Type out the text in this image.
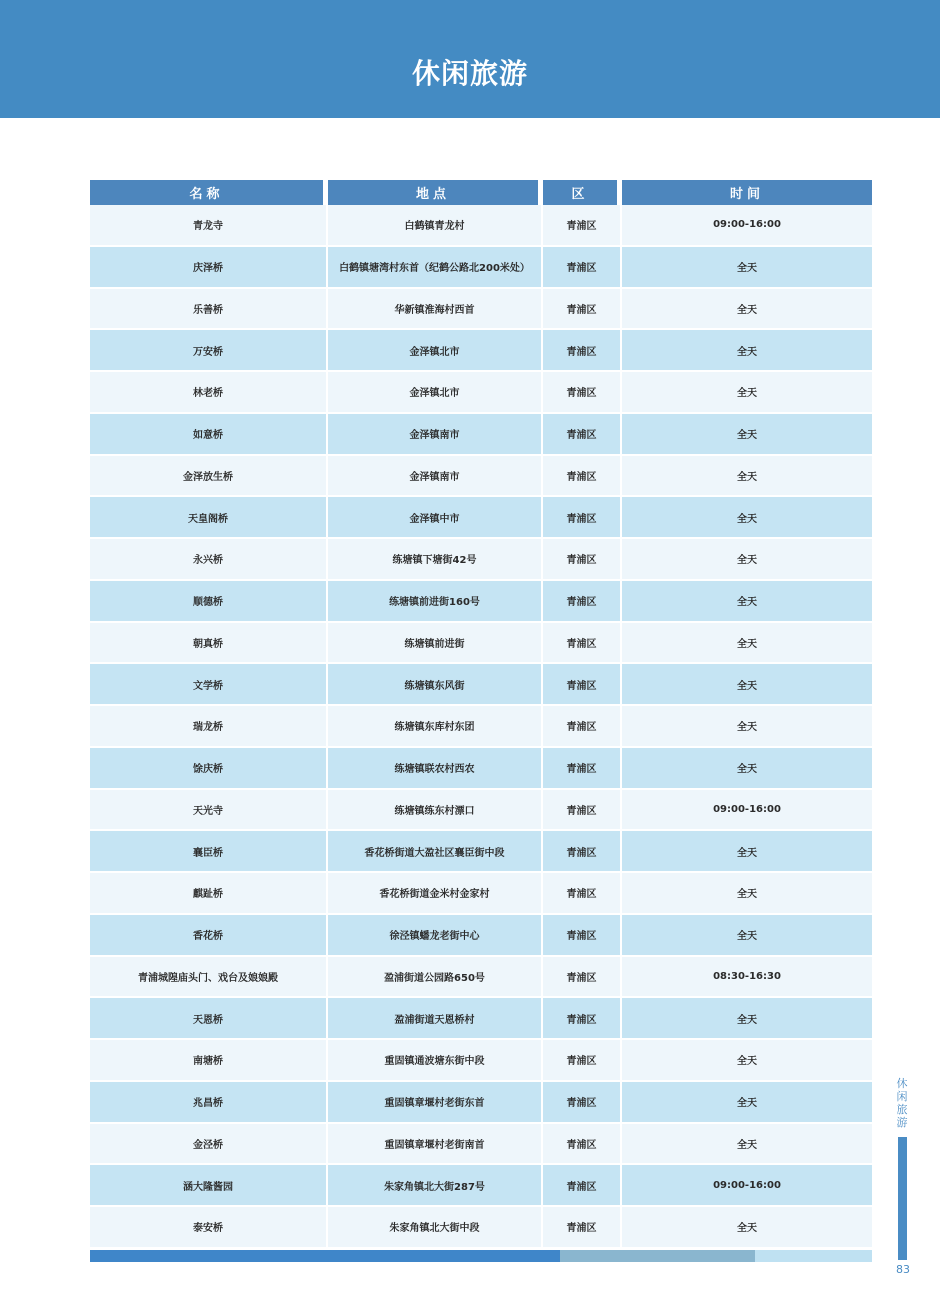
休闲旅游
名称	地点	区	时间
青龙寺	白鹤镇青龙村	青浦区	09:00-16:00
庆泽桥	白鹤镇塘湾村东首（纪鹤公路北200米处）	青浦区	全天
乐善桥	华新镇淮海村西首	青浦区	全天
万安桥	金泽镇北市	青浦区	全天
林老桥	金泽镇北市	青浦区	全天
如意桥	金泽镇南市	青浦区	全天
金泽放生桥	金泽镇南市	青浦区	全天
天皇阁桥	金泽镇中市	青浦区	全天
永兴桥	练塘镇下塘街42号	青浦区	全天
顺德桥	练塘镇前进街160号	青浦区	全天
朝真桥	练塘镇前进街	青浦区	全天
文学桥	练塘镇东风街	青浦区	全天
瑞龙桥	练塘镇东库村东团	青浦区	全天
馀庆桥	练塘镇联农村西农	青浦区	全天
天光寺	练塘镇练东村漂口	青浦区	09:00-16:00
襄臣桥	香花桥街道大盈社区襄臣街中段	青浦区	全天
麒趾桥	香花桥街道金米村金家村	青浦区	全天
香花桥	徐泾镇蟠龙老街中心	青浦区	全天
青浦城隍庙头门、戏台及娘娘殿	盈浦街道公园路650号	青浦区	08:30-16:30
天恩桥	盈浦街道天恩桥村	青浦区	全天
南塘桥	重固镇通波塘东街中段	青浦区	全天
兆昌桥	重固镇章堰村老街东首	青浦区	全天
金泾桥	重固镇章堰村老街南首	青浦区	全天
涵大隆酱园	朱家角镇北大街287号	青浦区	09:00-16:00
泰安桥	朱家角镇北大街中段	青浦区	全天
休闲旅游
83
